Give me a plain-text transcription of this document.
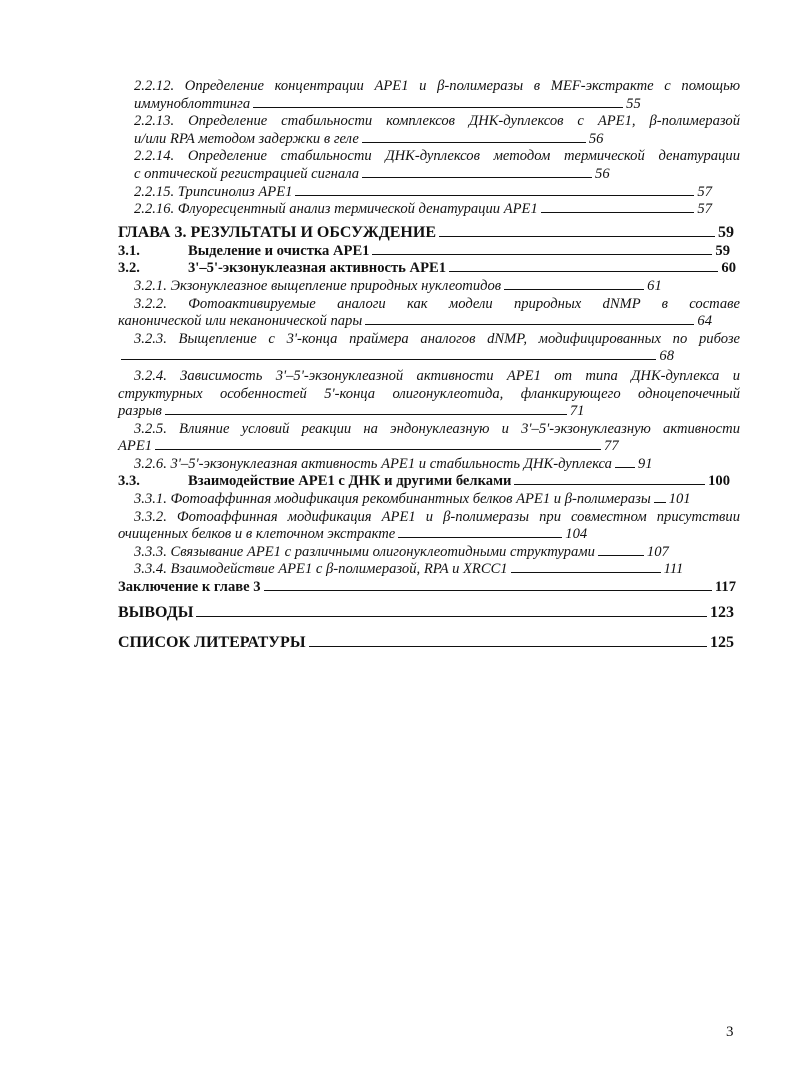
2.2.12. Определение концентрации APE1 и β-полимеразы в MEF-экстракте с помощью
иммуноблоттинга	55
2.2.13. Определение стабильности комплексов ДНК-дуплексов с APE1, β-полимеразой
и/или RPA методом задержки в геле	56
2.2.14. Определение стабильности ДНК-дуплексов методом термической денатурации
с оптической регистрацией сигнала	56
2.2.15. Трипсинолиз APE1	57
2.2.16. Флуоресцентный анализ термической денатурации APE1	57
ГЛАВА 3. РЕЗУЛЬТАТЫ И ОБСУЖДЕНИЕ	59
3.1.	Выделение и очистка APE1	59
3.2.	3'–5'-экзонуклеазная активность APE1	60
3.2.1. Экзонуклеазное выщепление природных нуклеотидов	61
3.2.2. Фотоактивируемые аналоги как модели природных dNMP в составе
канонической или неканонической пары	64
3.2.3. Выщепление с 3'-конца праймера аналогов dNMP, модифицированных по рибозе
68
3.2.4. Зависимость 3'–5'-экзонуклеазной активности APE1 от типа ДНК-дуплекса и
структурных особенностей 5'-конца олигонуклеотида, фланкирующего одноцепочечный
разрыв	71
3.2.5. Влияние условий реакции на эндонуклеазную и 3'–5'-экзонуклеазную активности
APE1	77
3.2.6. 3'–5'-экзонуклеазная активность APE1 и стабильность ДНК-дуплекса 91
3.3.	Взаимодействие APE1 с ДНК и другими белками	100
3.3.1. Фотоаффинная модификация рекомбинантных белков APE1 и β-полимеразы 101
3.3.2. Фотоаффинная модификация APE1 и β-полимеразы при совместном присутствии
очищенных белков и в клеточном экстракте	104
3.3.3. Связывание APE1 с различными олигонуклеотидными структурами	107
3.3.4. Взаимодействие APE1 с β-полимеразой, RPA и XRCC1	111
Заключение к главе 3	117
ВЫВОДЫ	123
СПИСОК ЛИТЕРАТУРЫ	125
3
